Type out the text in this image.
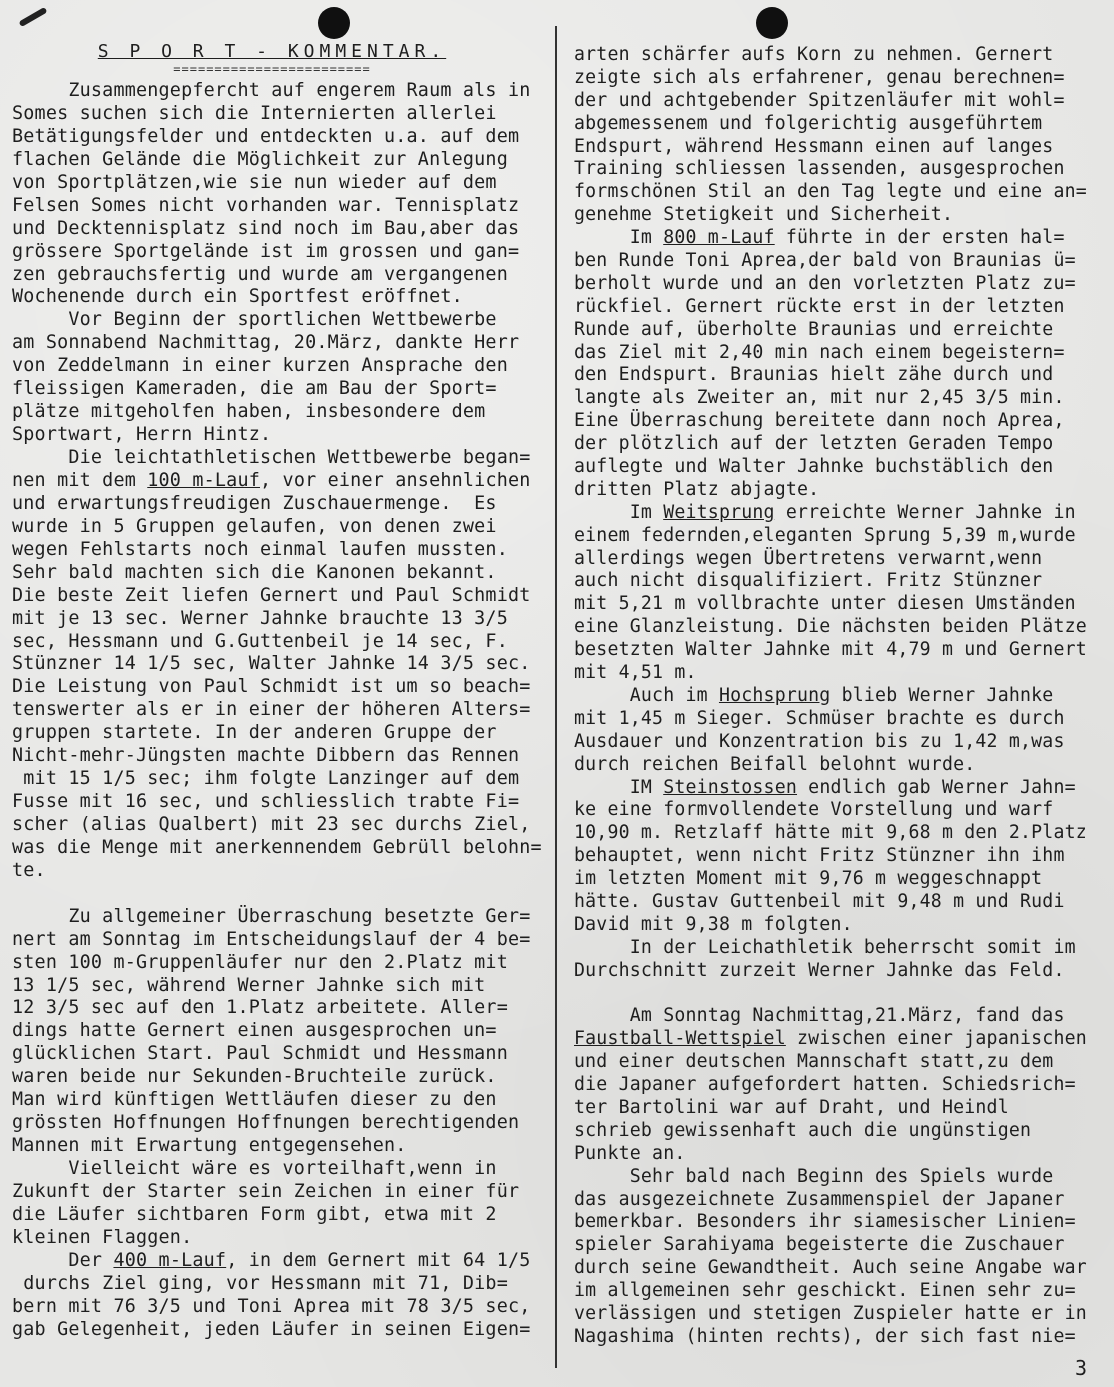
S P O R T - KOMMENTAR.
========================
Zusammengepfercht auf engerem Raum als in
Somes suchen sich die Internierten allerlei
Betätigungsfelder und entdeckten u.a. auf dem
flachen Gelände die Möglichkeit zur Anlegung
von Sportplätzen,wie sie nun wieder auf dem
Felsen Somes nicht vorhanden war. Tennisplatz
und Decktennisplatz sind noch im Bau,aber das
grössere Sportgelände ist im grossen und gan=
zen gebrauchsfertig und wurde am vergangenen
Wochenende durch ein Sportfest eröffnet.
Vor Beginn der sportlichen Wettbewerbe
am Sonnabend Nachmittag, 20.März, dankte Herr
von Zeddelmann in einer kurzen Ansprache den
fleissigen Kameraden, die am Bau der Sport=
plätze mitgeholfen haben, insbesondere dem
Sportwart, Herrn Hintz.
Die leichtathletischen Wettbewerbe began=
nen mit dem 100 m-Lauf, vor einer ansehnlichen
und erwartungsfreudigen Zuschauermenge.  Es
wurde in 5 Gruppen gelaufen, von denen zwei
wegen Fehlstarts noch einmal laufen mussten.
Sehr bald machten sich die Kanonen bekannt.
Die beste Zeit liefen Gernert und Paul Schmidt
mit je 13 sec. Werner Jahnke brauchte 13 3/5
sec, Hessmann und G.Guttenbeil je 14 sec, F.
Stünzner 14 1/5 sec, Walter Jahnke 14 3/5 sec.
Die Leistung von Paul Schmidt ist um so beach=
tenswerter als er in einer der höheren Alters=
gruppen startete. In der anderen Gruppe der
Nicht-mehr-Jüngsten machte Dibbern das Rennen
mit 15 1/5 sec; ihm folgte Lanzinger auf dem
Fusse mit 16 sec, und schliesslich trabte Fi=
scher (alias Qualbert) mit 23 sec durchs Ziel,
was die Menge mit anerkennendem Gebrüll belohn=
te.
Zu allgemeiner Überraschung besetzte Ger=
nert am Sonntag im Entscheidungslauf der 4 be=
sten 100 m-Gruppenläufer nur den 2.Platz mit
13 1/5 sec, während Werner Jahnke sich mit
12 3/5 sec auf den 1.Platz arbeitete. Aller=
dings hatte Gernert einen ausgesprochen un=
glücklichen Start. Paul Schmidt und Hessmann
waren beide nur Sekunden-Bruchteile zurück.
Man wird künftigen Wettläufen dieser zu den
grössten Hoffnungen Hoffnungen berechtigenden
Mannen mit Erwartung entgegensehen.
Vielleicht wäre es vorteilhaft,wenn in
Zukunft der Starter sein Zeichen in einer für
die Läufer sichtbaren Form gibt, etwa mit 2
kleinen Flaggen.
Der 400 m-Lauf, in dem Gernert mit 64 1/5
durchs Ziel ging, vor Hessmann mit 71, Dib=
bern mit 76 3/5 und Toni Aprea mit 78 3/5 sec,
gab Gelegenheit, jeden Läufer in seinen Eigen=
arten schärfer aufs Korn zu nehmen. Gernert
zeigte sich als erfahrener, genau berechnen=
der und achtgebender Spitzenläufer mit wohl=
abgemessenem und folgerichtig ausgeführtem
Endspurt, während Hessmann einen auf langes
Training schliessen lassenden, ausgesprochen
formschönen Stil an den Tag legte und eine an=
genehme Stetigkeit und Sicherheit.
Im 800 m-Lauf führte in der ersten hal=
ben Runde Toni Aprea,der bald von Braunias ü=
berholt wurde und an den vorletzten Platz zu=
rückfiel. Gernert rückte erst in der letzten
Runde auf, überholte Braunias und erreichte
das Ziel mit 2,40 min nach einem begeistern=
den Endspurt. Braunias hielt zähe durch und
langte als Zweiter an, mit nur 2,45 3/5 min.
Eine Überraschung bereitete dann noch Aprea,
der plötzlich auf der letzten Geraden Tempo
auflegte und Walter Jahnke buchstäblich den
dritten Platz abjagte.
Im Weitsprung erreichte Werner Jahnke in
einem federnden,eleganten Sprung 5,39 m,wurde
allerdings wegen Übertretens verwarnt,wenn
auch nicht disqualifiziert. Fritz Stünzner
mit 5,21 m vollbrachte unter diesen Umständen
eine Glanzleistung. Die nächsten beiden Plätze
besetzten Walter Jahnke mit 4,79 m und Gernert
mit 4,51 m.
Auch im Hochsprung blieb Werner Jahnke
mit 1,45 m Sieger. Schmüser brachte es durch
Ausdauer und Konzentration bis zu 1,42 m,was
durch reichen Beifall belohnt wurde.
IM Steinstossen endlich gab Werner Jahn=
ke eine formvollendete Vorstellung und warf
10,90 m. Retzlaff hätte mit 9,68 m den 2.Platz
behauptet, wenn nicht Fritz Stünzner ihn ihm
im letzten Moment mit 9,76 m weggeschnappt
hätte. Gustav Guttenbeil mit 9,48 m und Rudi
David mit 9,38 m folgten.
In der Leichathletik beherrscht somit im
Durchschnitt zurzeit Werner Jahnke das Feld.
Am Sonntag Nachmittag,21.März, fand das
Faustball-Wettspiel zwischen einer japanischen
und einer deutschen Mannschaft statt,zu dem
die Japaner aufgefordert hatten. Schiedsrich=
ter Bartolini war auf Draht, und Heindl
schrieb gewissenhaft auch die ungünstigen
Punkte an.
Sehr bald nach Beginn des Spiels wurde
das ausgezeichnete Zusammenspiel der Japaner
bemerkbar. Besonders ihr siamesischer Linien=
spieler Sarahiyama begeisterte die Zuschauer
durch seine Gewandtheit. Auch seine Angabe war
im allgemeinen sehr geschickt. Einen sehr zu=
verlässigen und stetigen Zuspieler hatte er in
Nagashima (hinten rechts), der sich fast nie=
3
